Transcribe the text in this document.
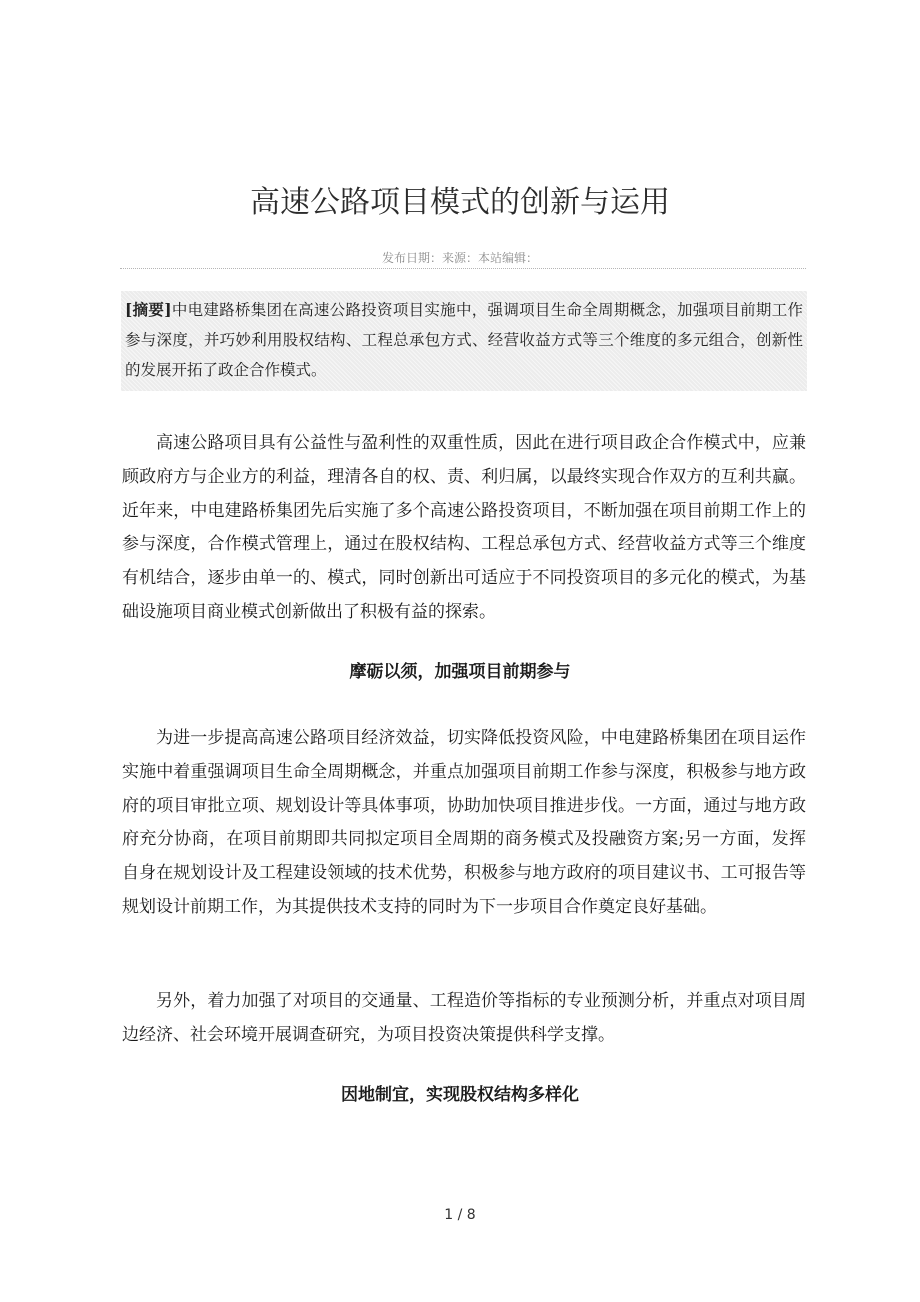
高速公路项目模式的创新与运用
发布日期：来源：本站编辑：
[摘要]中电建路桥集团在高速公路投资项目实施中，强调项目生命全周期概念，加强项目前期工作参与深度，并巧妙利用股权结构、工程总承包方式、经营收益方式等三个维度的多元组合，创新性的发展开拓了政企合作模式。

高速公路项目具有公益性与盈利性的双重性质，因此在进行项目政企合作模式中，应兼顾政府方与企业方的利益，理清各自的权、责、利归属，以最终实现合作双方的互利共赢。近年来，中电建路桥集团先后实施了多个高速公路投资项目，不断加强在项目前期工作上的参与深度，合作模式管理上，通过在股权结构、工程总承包方式、经营收益方式等三个维度有机结合，逐步由单一的、模式，同时创新出可适应于不同投资项目的多元化的模式，为基础设施项目商业模式创新做出了积极有益的探索。

摩砺以须，加强项目前期参与

为进一步提高高速公路项目经济效益，切实降低投资风险，中电建路桥集团在项目运作实施中着重强调项目生命全周期概念，并重点加强项目前期工作参与深度，积极参与地方政府的项目审批立项、规划设计等具体事项，协助加快项目推进步伐。一方面，通过与地方政府充分协商，在项目前期即共同拟定项目全周期的商务模式及投融资方案;另一方面，发挥自身在规划设计及工程建设领域的技术优势，积极参与地方政府的项目建议书、工可报告等规划设计前期工作，为其提供技术支持的同时为下一步项目合作奠定良好基础。

另外，着力加强了对项目的交通量、工程造价等指标的专业预测分析，并重点对项目周边经济、社会环境开展调查研究，为项目投资决策提供科学支撑。

因地制宜，实现股权结构多样化
1 / 8
